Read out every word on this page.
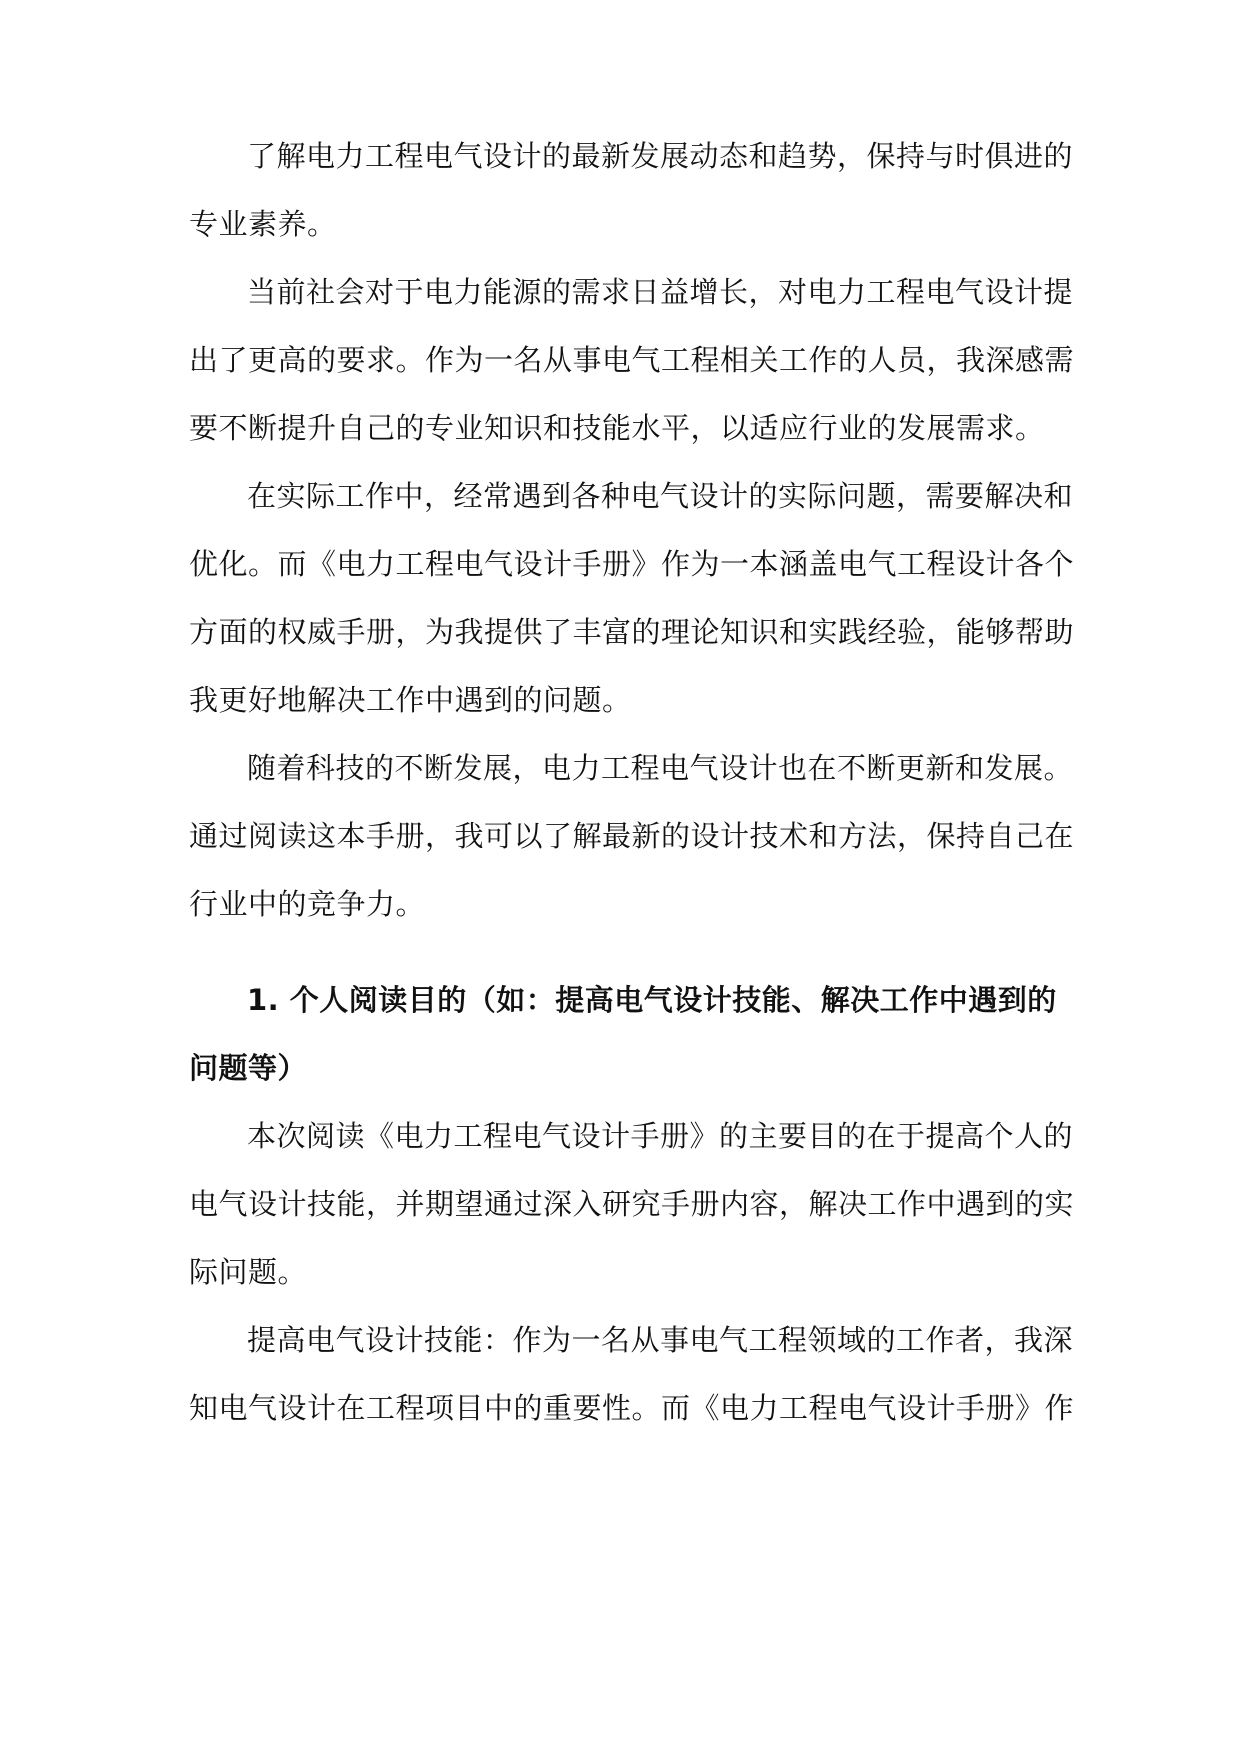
了解电力工程电气设计的最新发展动态和趋势，保持与时俱进的
专业素养。
当前社会对于电力能源的需求日益增长，对电力工程电气设计提
出了更高的要求。作为一名从事电气工程相关工作的人员，我深感需
要不断提升自己的专业知识和技能水平，以适应行业的发展需求。
在实际工作中，经常遇到各种电气设计的实际问题，需要解决和
优化。而《电力工程电气设计手册》作为一本涵盖电气工程设计各个
方面的权威手册，为我提供了丰富的理论知识和实践经验，能够帮助
我更好地解决工作中遇到的问题。
随着科技的不断发展，电力工程电气设计也在不断更新和发展。
通过阅读这本手册，我可以了解最新的设计技术和方法，保持自己在
行业中的竞争力。
1. 个人阅读目的（如：提高电气设计技能、解决工作中遇到的
问题等）
本次阅读《电力工程电气设计手册》的主要目的在于提高个人的
电气设计技能，并期望通过深入研究手册内容，解决工作中遇到的实
际问题。
提高电气设计技能：作为一名从事电气工程领域的工作者，我深
知电气设计在工程项目中的重要性。而《电力工程电气设计手册》作
